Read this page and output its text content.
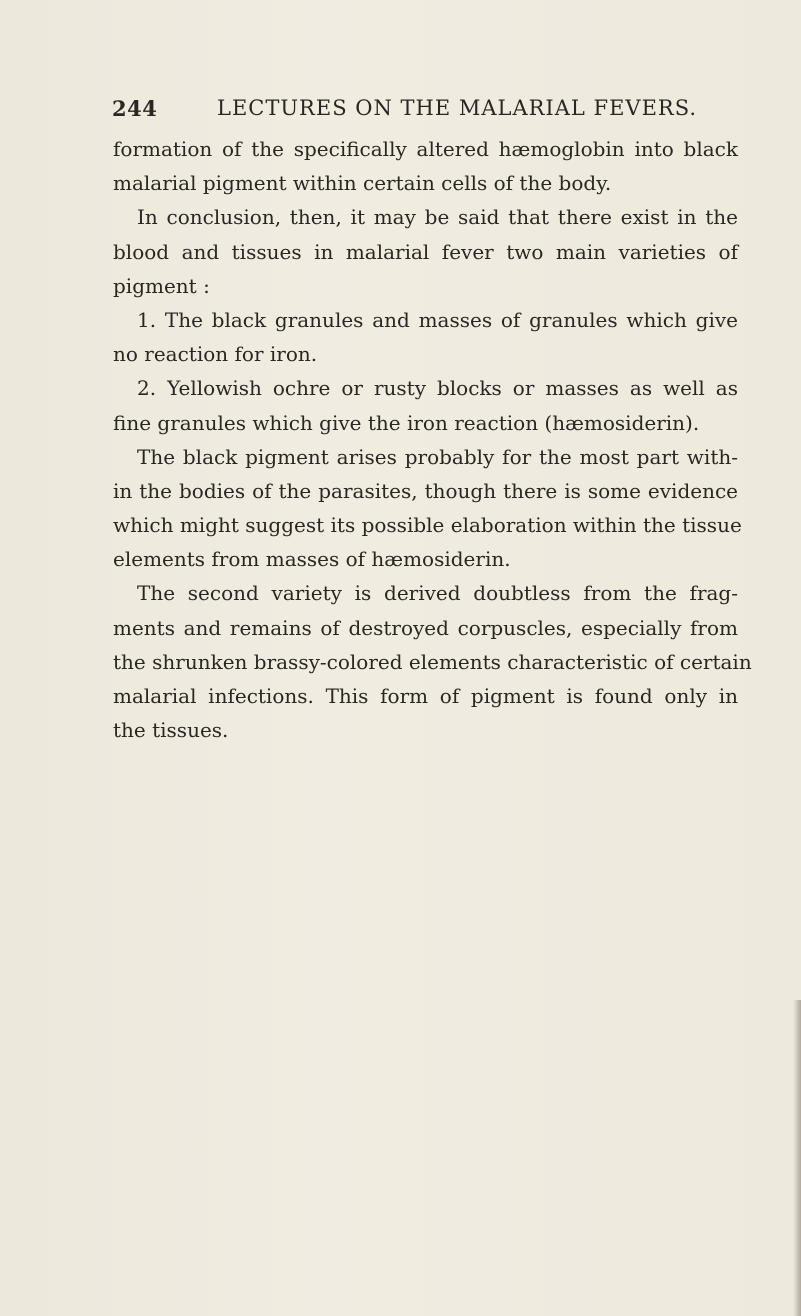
244	LECTURES ON THE MALARIAL FEVERS.
formation of the specifically altered hæmoglobin into black
malarial pigment within certain cells of the body.
In conclusion, then, it may be said that there exist in the
blood and tissues in malarial fever two main varieties of
pigment :
1. The black granules and masses of granules which give
no reaction for iron.
2. Yellowish ochre or rusty blocks or masses as well as
fine granules which give the iron reaction (hæmosiderin).
The black pigment arises probably for the most part with-
in the bodies of the parasites, though there is some evidence
which might suggest its possible elaboration within the tissue
elements from masses of hæmosiderin.
The second variety is derived doubtless from the frag-
ments and remains of destroyed corpuscles, especially from
the shrunken brassy-colored elements characteristic of certain
malarial infections. This form of pigment is found only in
the tissues.
